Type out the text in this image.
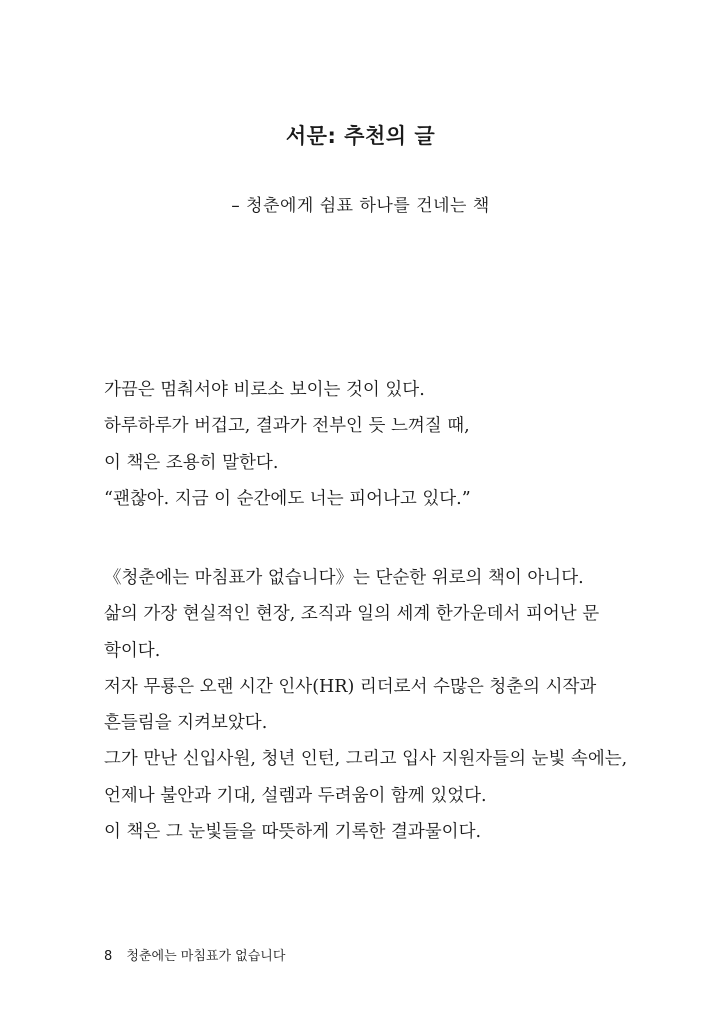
서문: 추천의 글
– 청춘에게 쉼표 하나를 건네는 책
가끔은 멈춰서야 비로소 보이는 것이 있다.
하루하루가 버겁고, 결과가 전부인 듯 느껴질 때,
이 책은 조용히 말한다.
“괜찮아. 지금 이 순간에도 너는 피어나고 있다.”
《청춘에는 마침표가 없습니다》는 단순한 위로의 책이 아니다.
삶의 가장 현실적인 현장, 조직과 일의 세계 한가운데서 피어난 문
학이다.
저자 무룡은 오랜 시간 인사(HR) 리더로서 수많은 청춘의 시작과
흔들림을 지켜보았다.
그가 만난 신입사원, 청년 인턴, 그리고 입사 지원자들의 눈빛 속에는,
언제나 불안과 기대, 설렘과 두려움이 함께 있었다.
이 책은 그 눈빛들을 따뜻하게 기록한 결과물이다.
8 청춘에는 마침표가 없습니다
